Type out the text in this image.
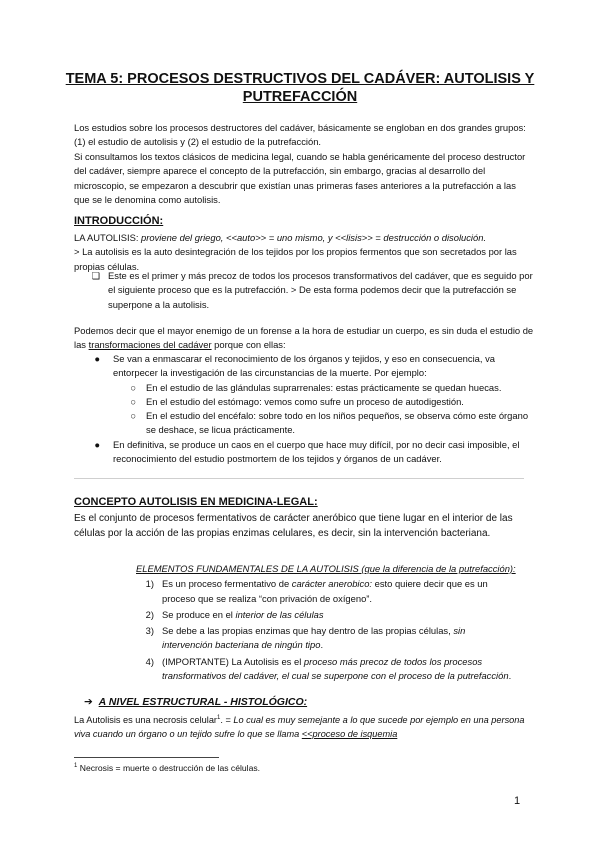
TEMA 5: PROCESOS DESTRUCTIVOS DEL CADÁVER: AUTOLISIS Y PUTREFACCIÓN

Los estudios sobre los procesos destructores del cadáver, básicamente se engloban en dos grandes grupos: (1) el estudio de autolisis y (2) el estudio de la putrefacción.

Si consultamos los textos clásicos de medicina legal, cuando se habla genéricamente del proceso destructor del cadáver, siempre aparece el concepto de la putrefacción, sin embargo, gracias al desarrollo del microscopio, se empezaron a descubrir que existían unas primeras fases anteriores a la putrefacción a las que se le denomina como autolisis.

INTRODUCCIÓN:

LA AUTOLISIS: proviene del griego, <<auto>> = uno mismo, y <<lisis>> = destrucción o disolución.
> La autolisis es la auto desintegración de los tejidos por los propios fermentos que son secretados por las propias células.

❏ Este es el primer y más precoz de todos los procesos transformativos del cadáver, que es seguido por el siguiente proceso que es la putrefacción. > De esta forma podemos decir que la putrefacción se superpone a la autolisis.

Podemos decir que el mayor enemigo de un forense a la hora de estudiar un cuerpo, es sin duda el estudio de las transformaciones del cadáver porque con ellas:

●	Se van a enmascarar el reconocimiento de los órganos y tejidos, y eso en consecuencia, va entorpecer la investigación de las circunstancias de la muerte. Por ejemplo:
○	En el estudio de las glándulas suprarrenales: estas prácticamente se quedan huecas.
○	En el estudio del estómago: vemos como sufre un proceso de autodigestión.
○	En el estudio del encéfalo: sobre todo en los niños pequeños, se observa cómo este órgano se deshace, se licua prácticamente.
●	En definitiva, se produce un caos en el cuerpo que hace muy difícil, por no decir casi imposible, el reconocimiento del estudio postmortem de los tejidos y órganos de un cadáver.
CONCEPTO AUTOLISIS EN MEDICINA-LEGAL:

Es el conjunto de procesos fermentativos de carácter aneróbico que tiene lugar en el interior de las células por la acción de las propias enzimas celulares, es decir, sin la intervención bacteriana.

ELEMENTOS FUNDAMENTALES DE LA AUTOLISIS (que la diferencia de la putrefacción):
1) Es un proceso fermentativo de carácter anerobico: esto quiere decir que es un proceso que se realiza “con privación de oxígeno”.
2) Se produce en el interior de las células
3) Se debe a las propias enzimas que hay dentro de las propias células, sin intervención bacteriana de ningún tipo.
4) (IMPORTANTE) La Autolisis es el proceso más precoz de todos los procesos transformativos del cadáver, el cual se superpone con el proceso de la putrefacción.
➔ A NIVEL ESTRUCTURAL - HISTOLÓGICO:

La Autolisis es una necrosis celular$^1$. = Lo cual es muy semejante a lo que sucede por ejemplo en una persona viva cuando un órgano o un tejido sufre lo que se llama <<proceso de isquemia

$^1$ Necrosis = muerte o destrucción de las células.
1
